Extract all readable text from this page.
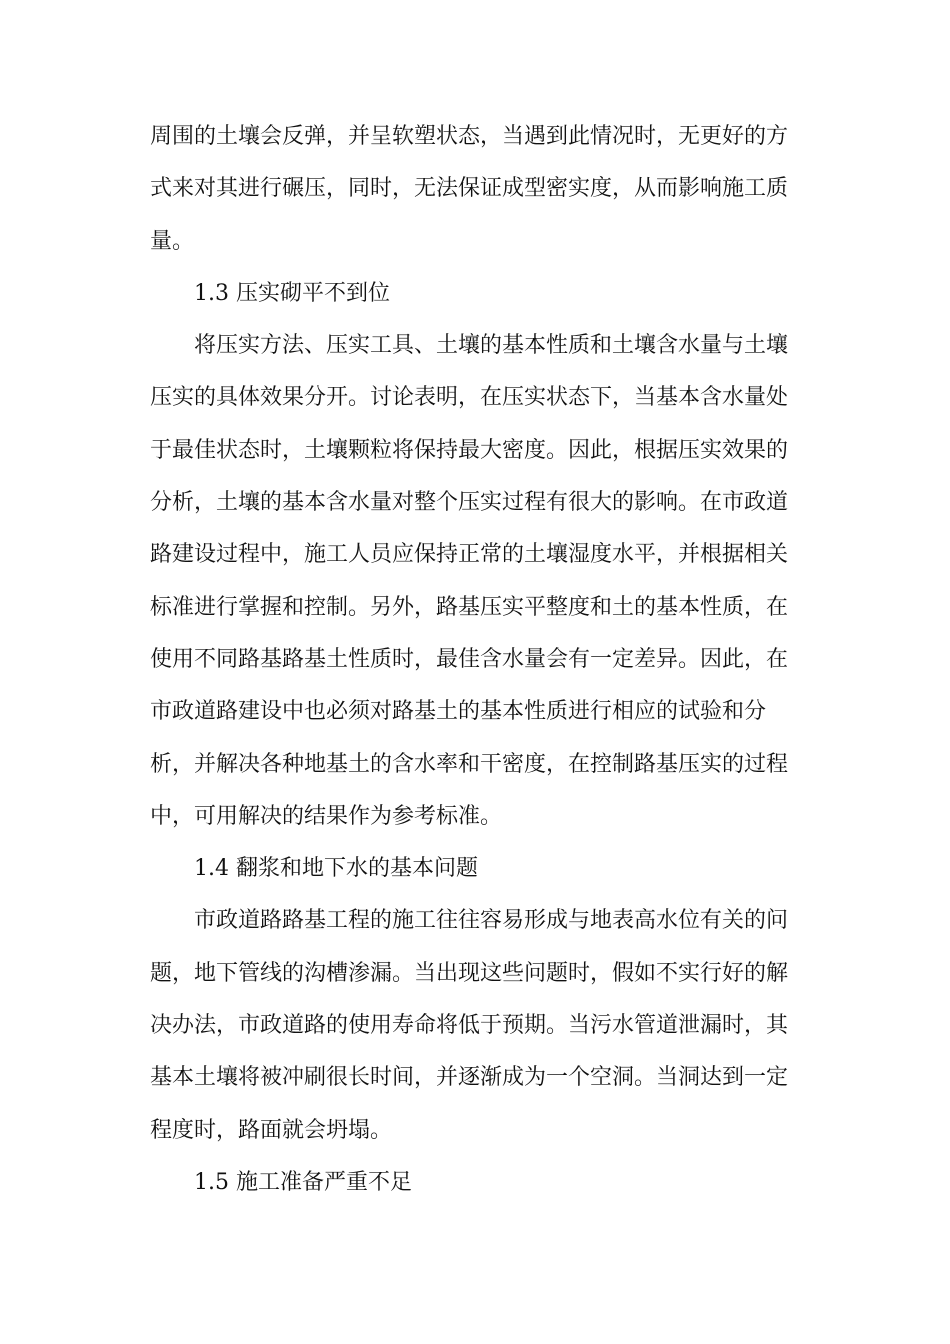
周围的土壤会反弹，并呈软塑状态，当遇到此情况时，无更好的方

式来对其进行碾压，同时，无法保证成型密实度，从而影响施工质

量。

1.3 压实砌平不到位

将压实方法、压实工具、土壤的基本性质和土壤含水量与土壤

压实的具体效果分开。讨论表明，在压实状态下，当基本含水量处

于最佳状态时，土壤颗粒将保持最大密度。因此，根据压实效果的

分析，土壤的基本含水量对整个压实过程有很大的影响。在市政道

路建设过程中，施工人员应保持正常的土壤湿度水平，并根据相关

标准进行掌握和控制。另外，路基压实平整度和土的基本性质，在

使用不同路基路基土性质时，最佳含水量会有一定差异。因此，在

市政道路建设中也必须对路基土的基本性质进行相应的试验和分

析，并解决各种地基土的含水率和干密度，在控制路基压实的过程

中，可用解决的结果作为参考标准。

1.4 翻浆和地下水的基本问题

市政道路路基工程的施工往往容易形成与地表高水位有关的问

题，地下管线的沟槽渗漏。当出现这些问题时，假如不实行好的解

决办法，市政道路的使用寿命将低于预期。当污水管道泄漏时，其

基本土壤将被冲刷很长时间，并逐渐成为一个空洞。当洞达到一定

程度时，路面就会坍塌。

1.5 施工准备严重不足
